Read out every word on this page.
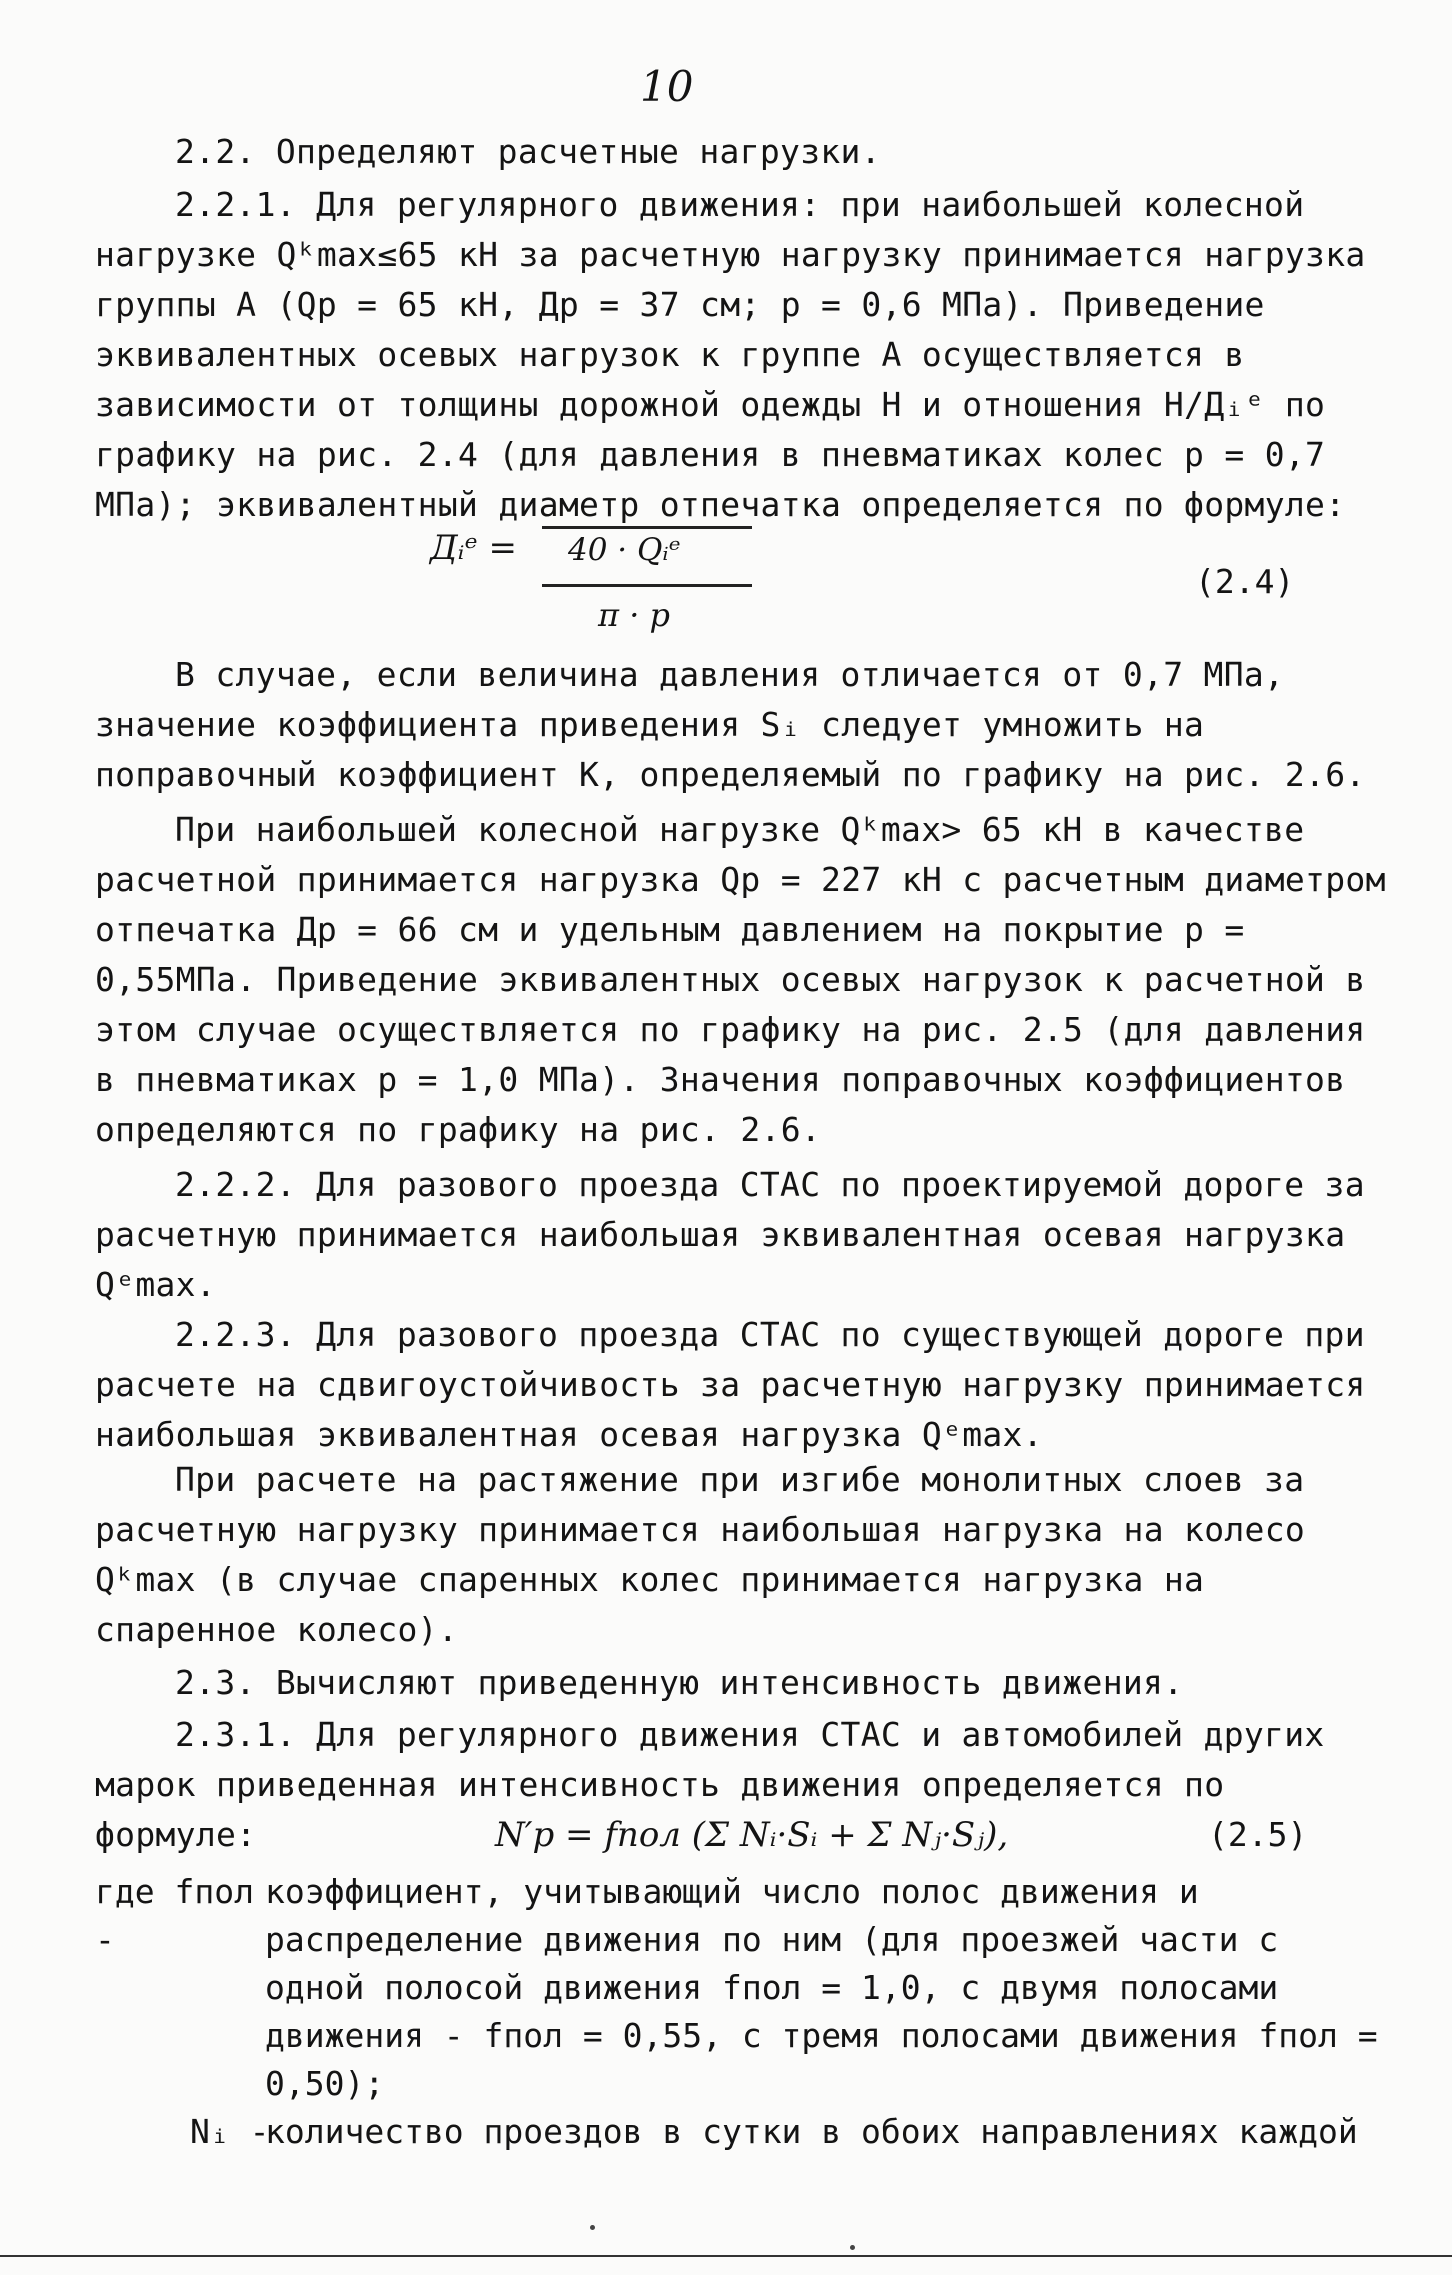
10
2.2. Определяют расчетные нагрузки.
2.2.1. Для регулярного движения: при наибольшей колесной нагрузке Qᵏmax≤65 кН за расчетную нагрузку принимается нагрузка группы А (Qр = 65 кН, Др = 37 см; р = 0,6 МПа). Приведение эквивалентных осевых нагрузок к группе А осуществляется в зависимости от толщины дорожной одежды Н и отношения Н/Дᵢᵉ по графику на рис. 2.4 (для давления в пневматиках колес р = 0,7 МПа); эквивалентный диаметр отпечатка определяется по формуле:
Дᵢᵉ = 40 · Qᵢᵉ
π · p
(2.4)
В случае, если величина давления отличается от 0,7 МПа, значение коэффициента приведения Sᵢ следует умножить на поправочный коэффициент К, определяемый по графику на рис. 2.6.
При наибольшей колесной нагрузке Qᵏmax> 65 кН в качестве расчетной принимается нагрузка Qр = 227 кН с расчетным диаметром отпечатка Др = 66 см и удельным давлением на покрытие р = 0,55МПа. Приведение эквивалентных осевых нагрузок к расчетной в этом случае осуществляется по графику на рис. 2.5 (для давления в пневматиках р = 1,0 МПа). Значения поправочных коэффициентов определяются по графику на рис. 2.6.
2.2.2. Для разового проезда СТАС по проектируемой дороге за расчетную принимается наибольшая эквивалентная осевая нагрузка Qᵉmax.
2.2.3. Для разового проезда СТАС по существующей дороге при расчете на сдвигоустойчивость за расчетную нагрузку принимается наибольшая эквивалентная осевая нагрузка Qᵉmax.
При расчете на растяжение при изгибе монолитных слоев за расчетную нагрузку принимается наибольшая нагрузка на колесо Qᵏmax (в случае спаренных колес принимается нагрузка на спаренное колесо).
2.3. Вычисляют приведенную интенсивность движения.
2.3.1. Для регулярного движения СТАС и автомобилей других марок приведенная интенсивность движения определяется по формуле:	N′р = fпол (Σ Nᵢ·Sᵢ + Σ Nⱼ·Sⱼ),	(2.5)
где fпол -
коэффициент, учитывающий число полос движения и распределение движения по ним (для проезжей части с одной полосой движения fпол = 1,0, с двумя полосами движения - fпол = 0,55, с тремя полосами движения fпол = 0,50);
Nᵢ -
количество проездов в сутки в обоих направлениях каждой
